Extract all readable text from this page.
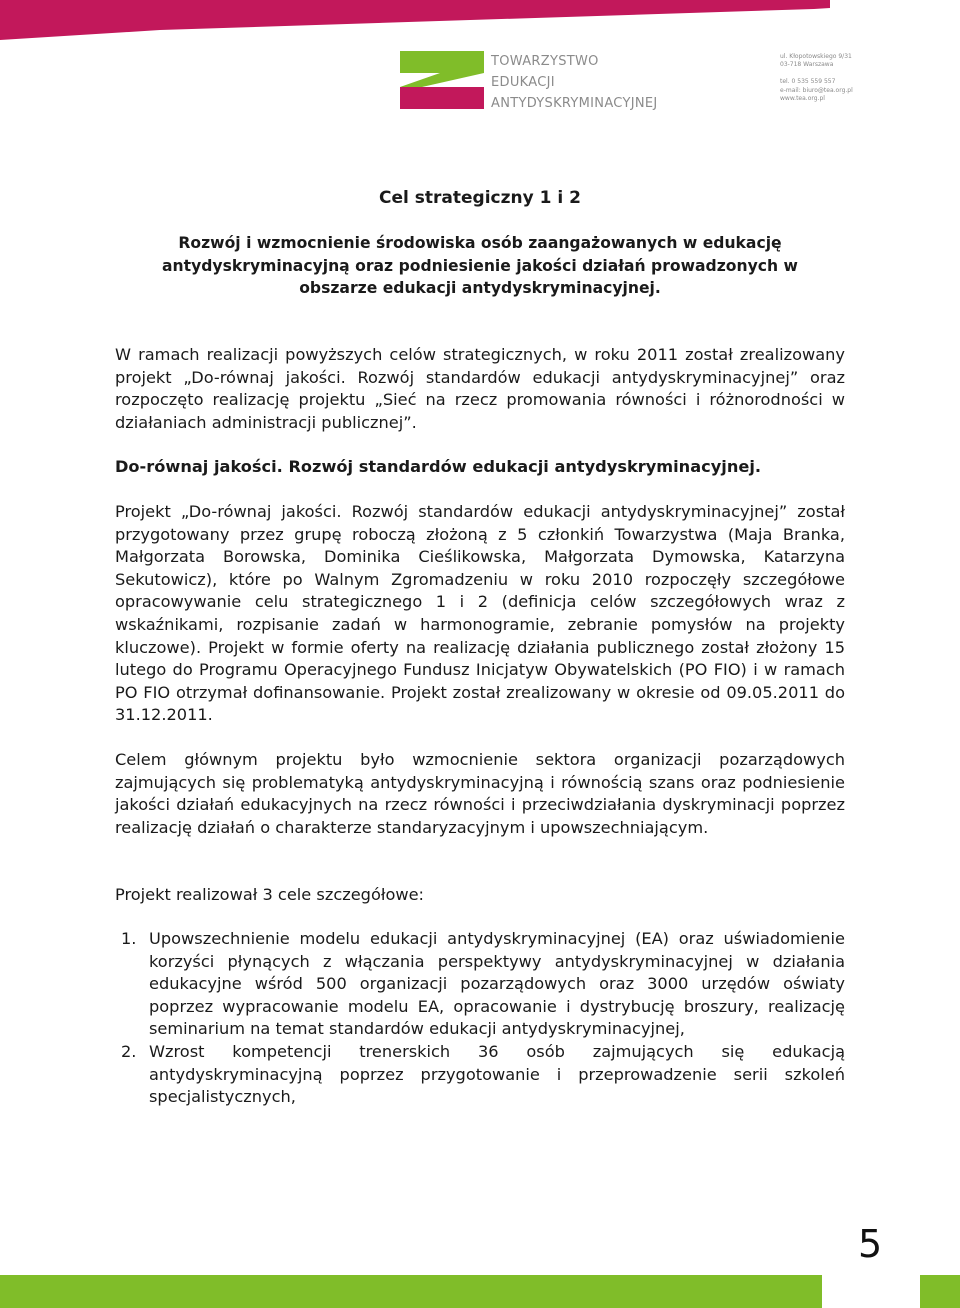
TOWARZYSTWO
EDUKACJI
ANTYDYSKRYMINACYJNEJ
ul. Kłopotowskiego 9/31
03-718 Warszawa
tel. 0 535 559 557
e-mail: biuro@tea.org.pl
www.tea.org.pl
Cel strategiczny 1 i 2
Rozwój i wzmocnienie środowiska osób zaangażowanych w edukację
antydyskryminacyjną oraz podniesienie jakości działań prowadzonych w
obszarze edukacji antydyskryminacyjnej.

W ramach realizacji powyższych celów strategicznych, w roku 2011 został zrealizowany projekt „Do-równaj jakości. Rozwój standardów edukacji antydyskryminacyjnej” oraz rozpoczęto realizację projektu „Sieć na rzecz promowania równości i różnorodności w działaniach administracji publicznej”.

Do-równaj jakości. Rozwój standardów edukacji antydyskryminacyjnej.

Projekt „Do-równaj jakości. Rozwój standardów edukacji antydyskryminacyjnej” został przygotowany przez grupę roboczą złożoną z 5 członkiń Towarzystwa (Maja Branka, Małgorzata Borowska, Dominika Cieślikowska, Małgorzata Dymowska, Katarzyna Sekutowicz), które po Walnym Zgromadzeniu w roku 2010 rozpoczęły szczegółowe opracowywanie celu strategicznego 1 i 2 (definicja celów szczegółowych wraz z wskaźnikami, rozpisanie zadań w harmonogramie, zebranie pomysłów na projekty kluczowe). Projekt w formie oferty na realizację działania publicznego został złożony 15 lutego do Programu Operacyjnego Fundusz Inicjatyw Obywatelskich (PO FIO) i w ramach PO FIO otrzymał dofinansowanie. Projekt został zrealizowany w okresie od 09.05.2011 do 31.12.2011.

Celem głównym projektu było wzmocnienie sektora organizacji pozarządowych zajmujących się problematyką antydyskryminacyjną i równością szans oraz podniesienie jakości działań edukacyjnych na rzecz równości i przeciwdziałania dyskryminacji poprzez realizację działań o charakterze standaryzacyjnym i upowszechniającym.

Projekt realizował 3 cele szczegółowe:

1. Upowszechnienie modelu edukacji antydyskryminacyjnej (EA) oraz uświadomienie korzyści płynących z włączania perspektywy antydyskryminacyjnej w działania edukacyjne wśród 500 organizacji pozarządowych oraz 3000 urzędów oświaty poprzez wypracowanie modelu EA, opracowanie i dystrybucję broszury, realizację seminarium na temat standardów edukacji antydyskryminacyjnej,
2. Wzrost kompetencji trenerskich 36 osób zajmujących się edukacją antydyskryminacyjną poprzez przygotowanie i przeprowadzenie serii szkoleń specjalistycznych,
5
